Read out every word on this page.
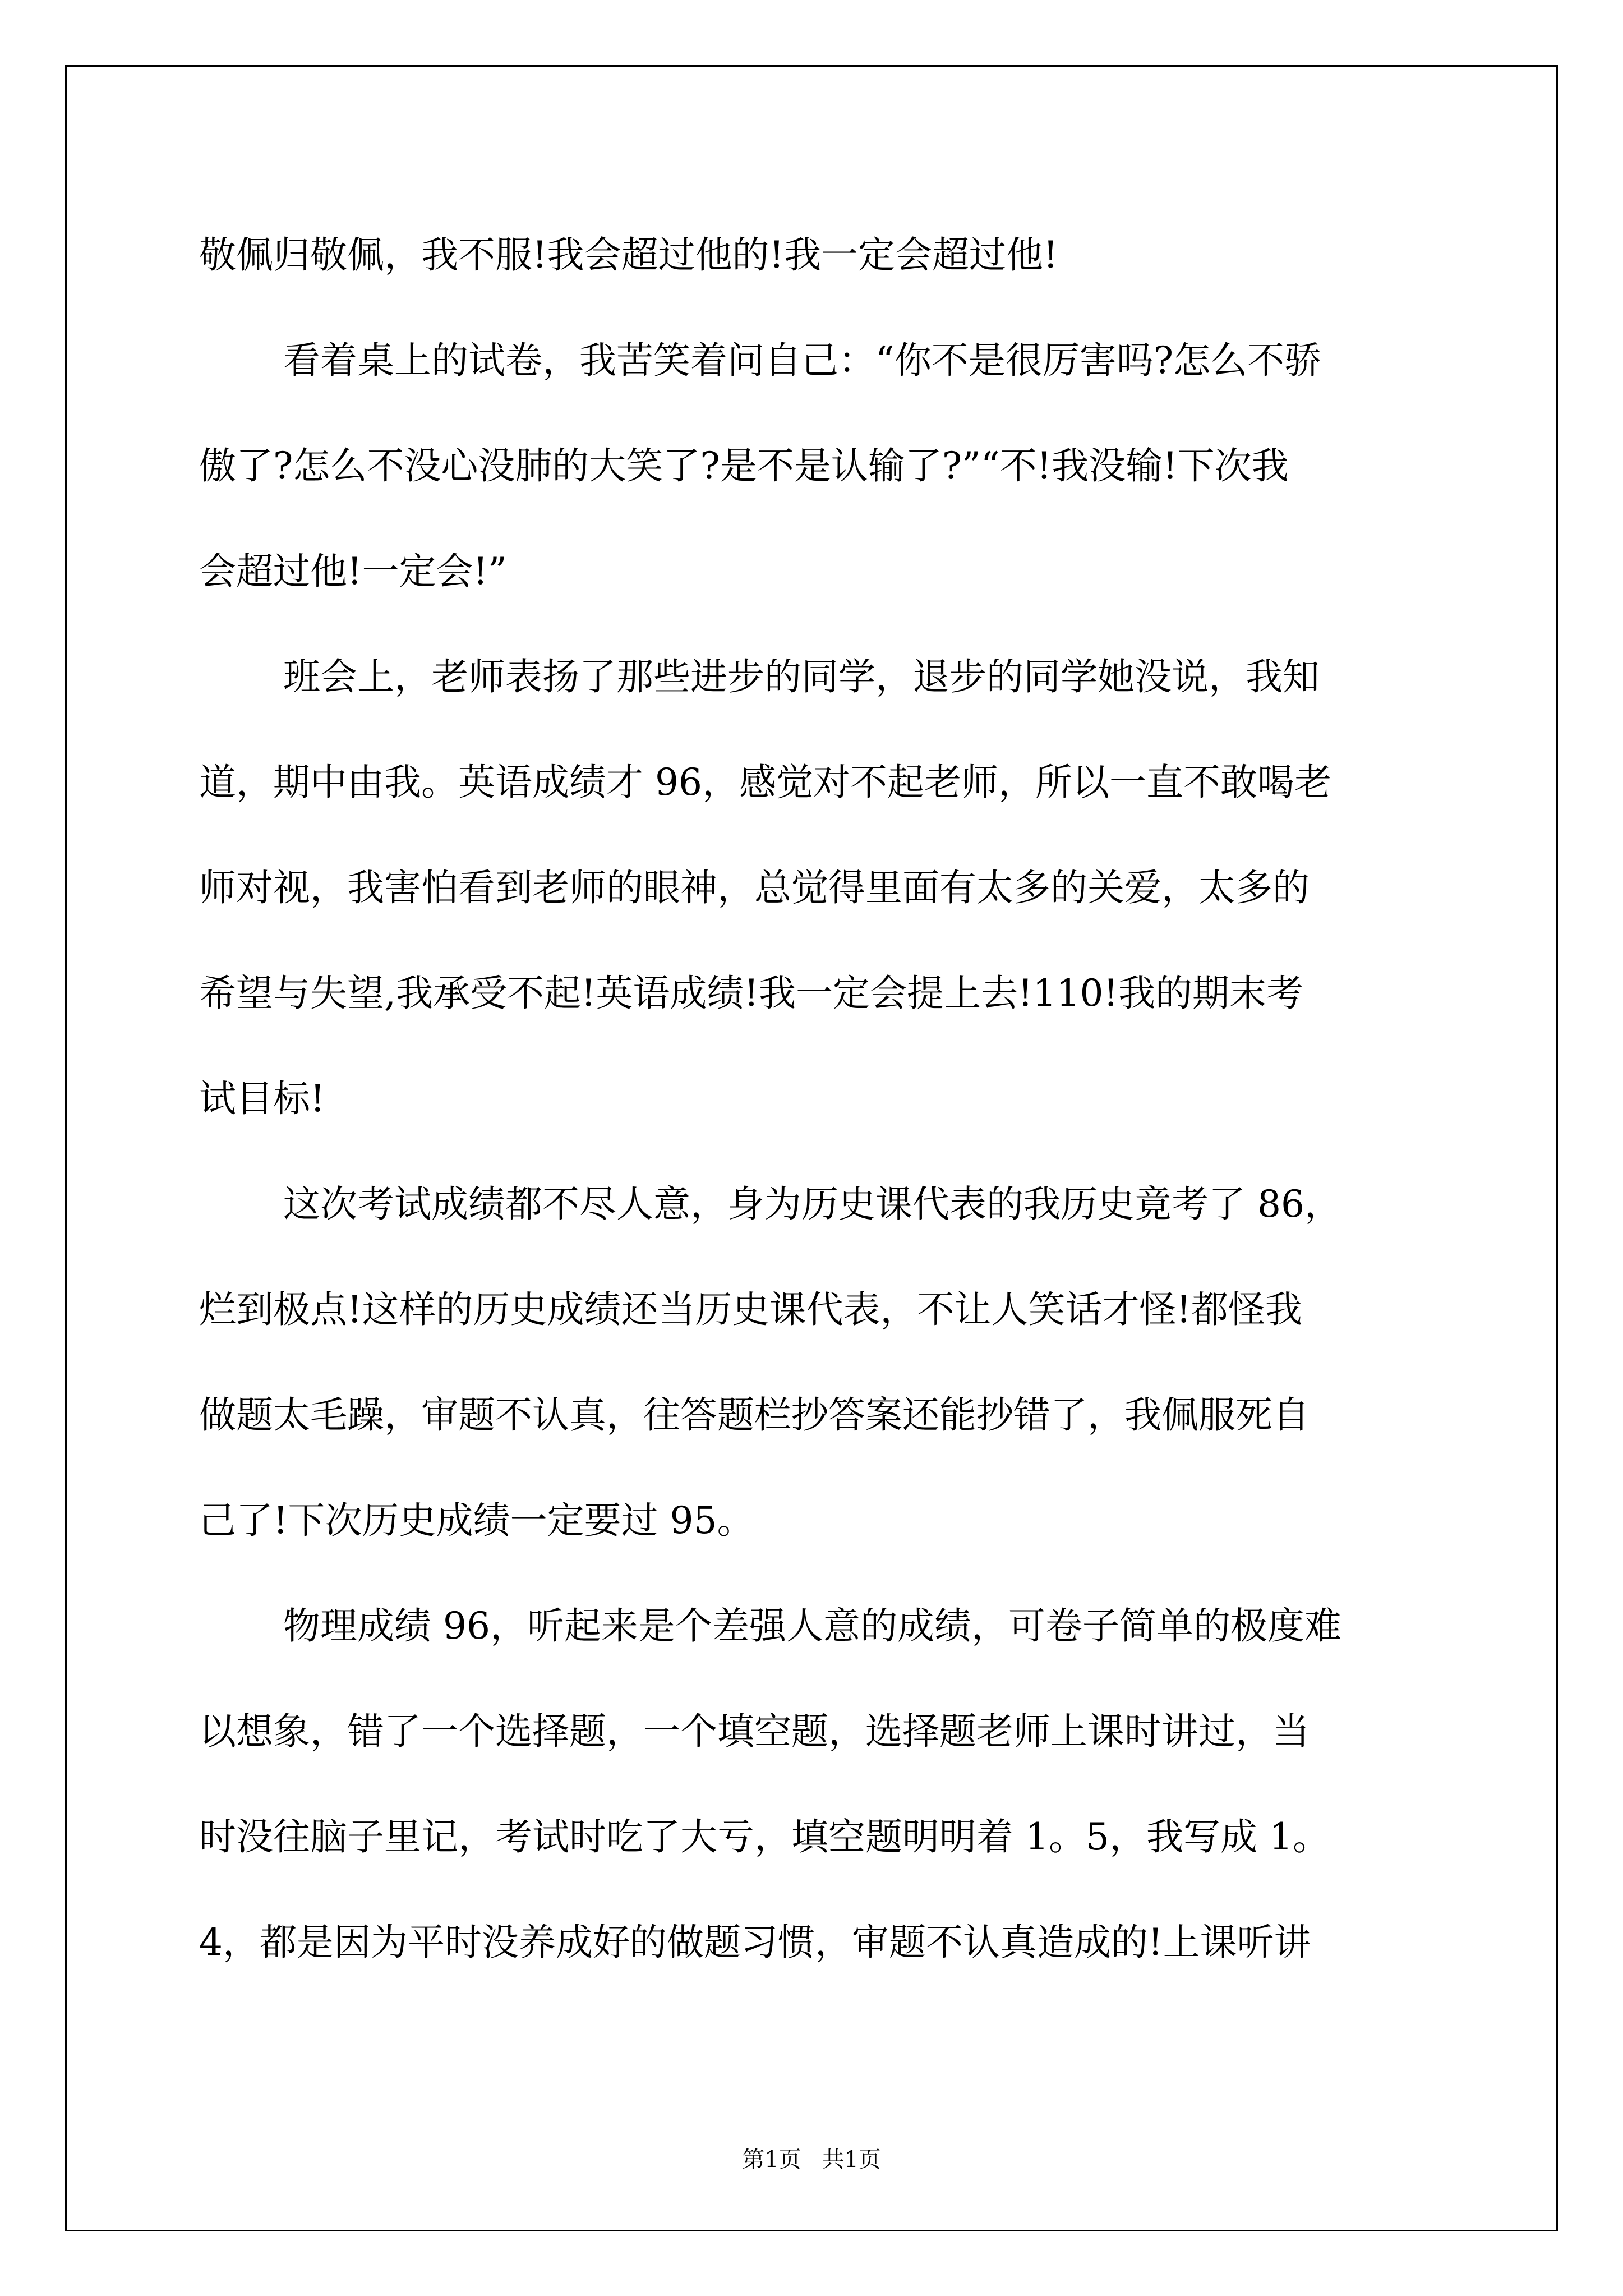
敬佩归敬佩，我不服!我会超过他的!我一定会超过他!
看着桌上的试卷，我苦笑着问自己：“你不是很厉害吗?怎么不骄
傲了?怎么不没心没肺的大笑了?是不是认输了?”“不!我没输!下次我
会超过他!一定会!”
班会上，老师表扬了那些进步的同学，退步的同学她没说，我知
道，期中由我。英语成绩才 96，感觉对不起老师，所以一直不敢喝老
师对视，我害怕看到老师的眼神，总觉得里面有太多的关爱，太多的
希望与失望,我承受不起!英语成绩!我一定会提上去!110!我的期末考
试目标!
这次考试成绩都不尽人意，身为历史课代表的我历史竟考了 86，
烂到极点!这样的历史成绩还当历史课代表，不让人笑话才怪!都怪我
做题太毛躁，审题不认真，往答题栏抄答案还能抄错了，我佩服死自
己了!下次历史成绩一定要过 95。
物理成绩 96，听起来是个差强人意的成绩，可卷子简单的极度难
以想象，错了一个选择题，一个填空题，选择题老师上课时讲过，当
时没往脑子里记，考试时吃了大亏，填空题明明着 1。5，我写成 1。
4，都是因为平时没养成好的做题习惯，审题不认真造成的!上课听讲
第1页 共1页
